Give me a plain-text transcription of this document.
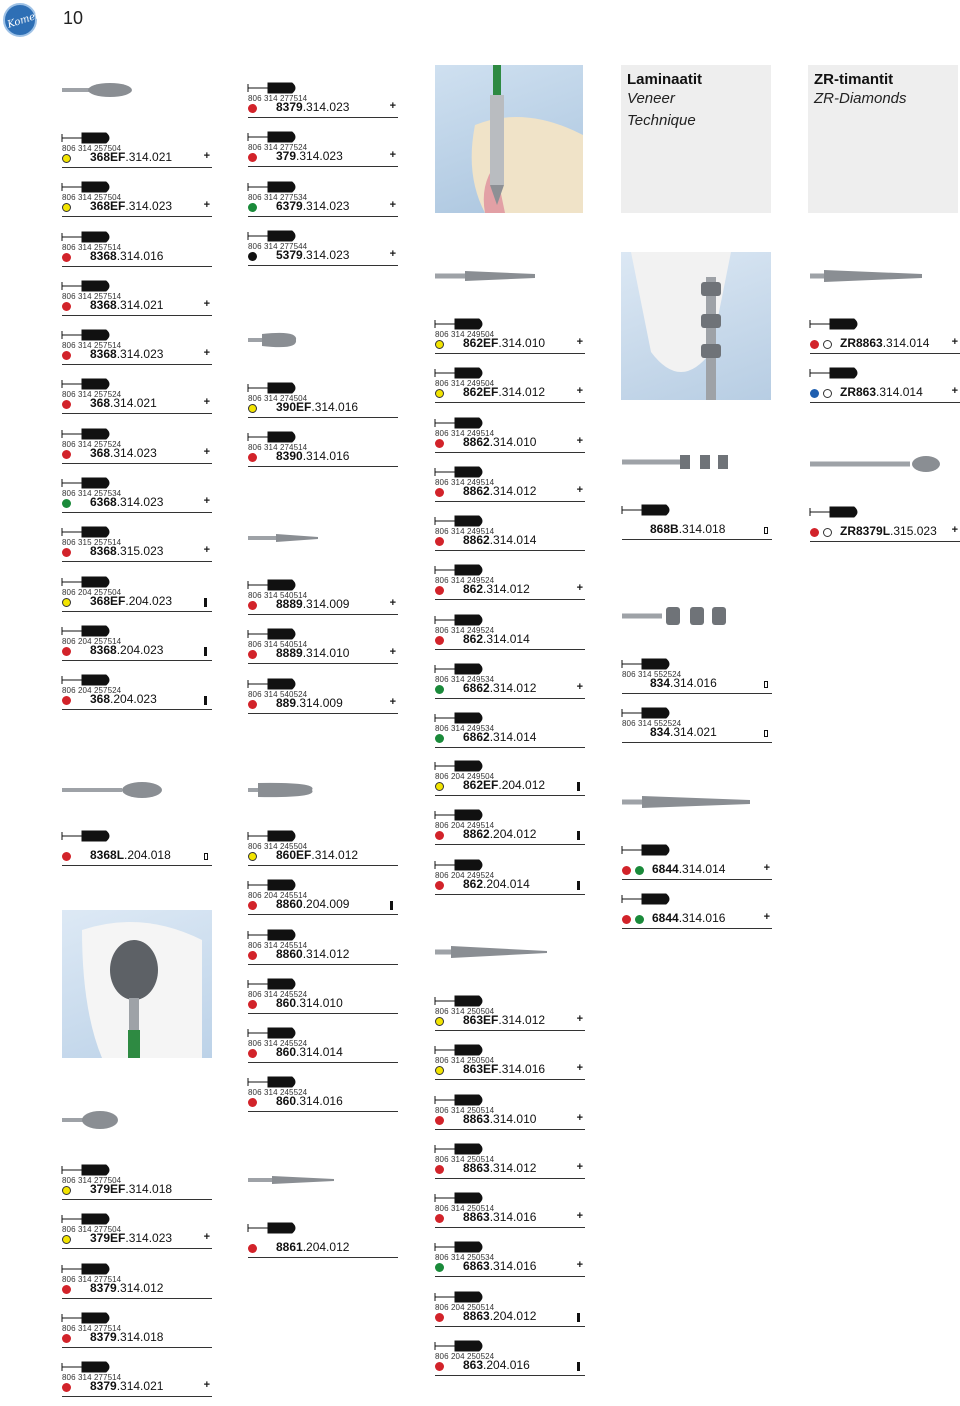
Komet 10
806 314 257504
368EF.314.021	+
806 314 257504
368EF.314.023	+
806 314 257514
8368.314.016
806 314 257514
8368.314.021	+
806 314 257514
8368.314.023	+
806 314 257524
368.314.021	+
806 314 257524
368.314.023	+
806 314 257534
6368.314.023	+
806 315 257514
8368.315.023	+
806 204 257504
368EF.204.023
806 204 257514
8368.204.023
806 204 257524
368.204.023
806 314 277514
8379.314.023	+
806 314 277524
379.314.023	+
806 314 277534
6379.314.023	+
806 314 277544
5379.314.023	+
806 314 274504
390EF.314.016
806 314 274514
8390.314.016
806 314 540514
8889.314.009	+
806 314 540514
8889.314.010	+
806 314 540524
889.314.009	+
806 314 249504
862EF.314.010	+
806 314 249504
862EF.314.012	+
806 314 249514
8862.314.010	+
806 314 249514
8862.314.012	+
806 314 249514
8862.314.014
806 314 249524
862.314.012	+
806 314 249524
862.314.014
806 314 249534
6862.314.012	+
806 314 249534
6862.314.014
806 204 249504
862EF.204.012
806 204 249514
8862.204.012
806 204 249524
862.204.014
8368L.204.018
806 314 245504
860EF.314.012
806 204 245514
8860.204.009
806 314 245514
8860.314.012
806 314 245524
860.314.010
806 314 245524
860.314.014
806 314 245524
860.314.016
8861.204.012
806 314 250504
863EF.314.012	+
806 314 250504
863EF.314.016	+
806 314 250514
8863.314.010	+
806 314 250514
8863.314.012	+
806 314 250514
8863.314.016	+
806 314 250534
6863.314.016	+
806 204 250514
8863.204.012
806 204 250524
863.204.016
806 314 277504
379EF.314.018
806 314 277504
379EF.314.023	+
806 314 277514
8379.314.012
806 314 277514
8379.314.018
806 314 277514
8379.314.021	+
868B.314.018
806 314 552524
834.314.016
806 314 552524
834.314.021
6844.314.014	+
6844.314.016	+
ZR8863.314.014 +
ZR863.314.014	+
ZR8379L.315.023 +
Laminaatit
Veneer
Technique
ZR-timantit
ZR-Diamonds
